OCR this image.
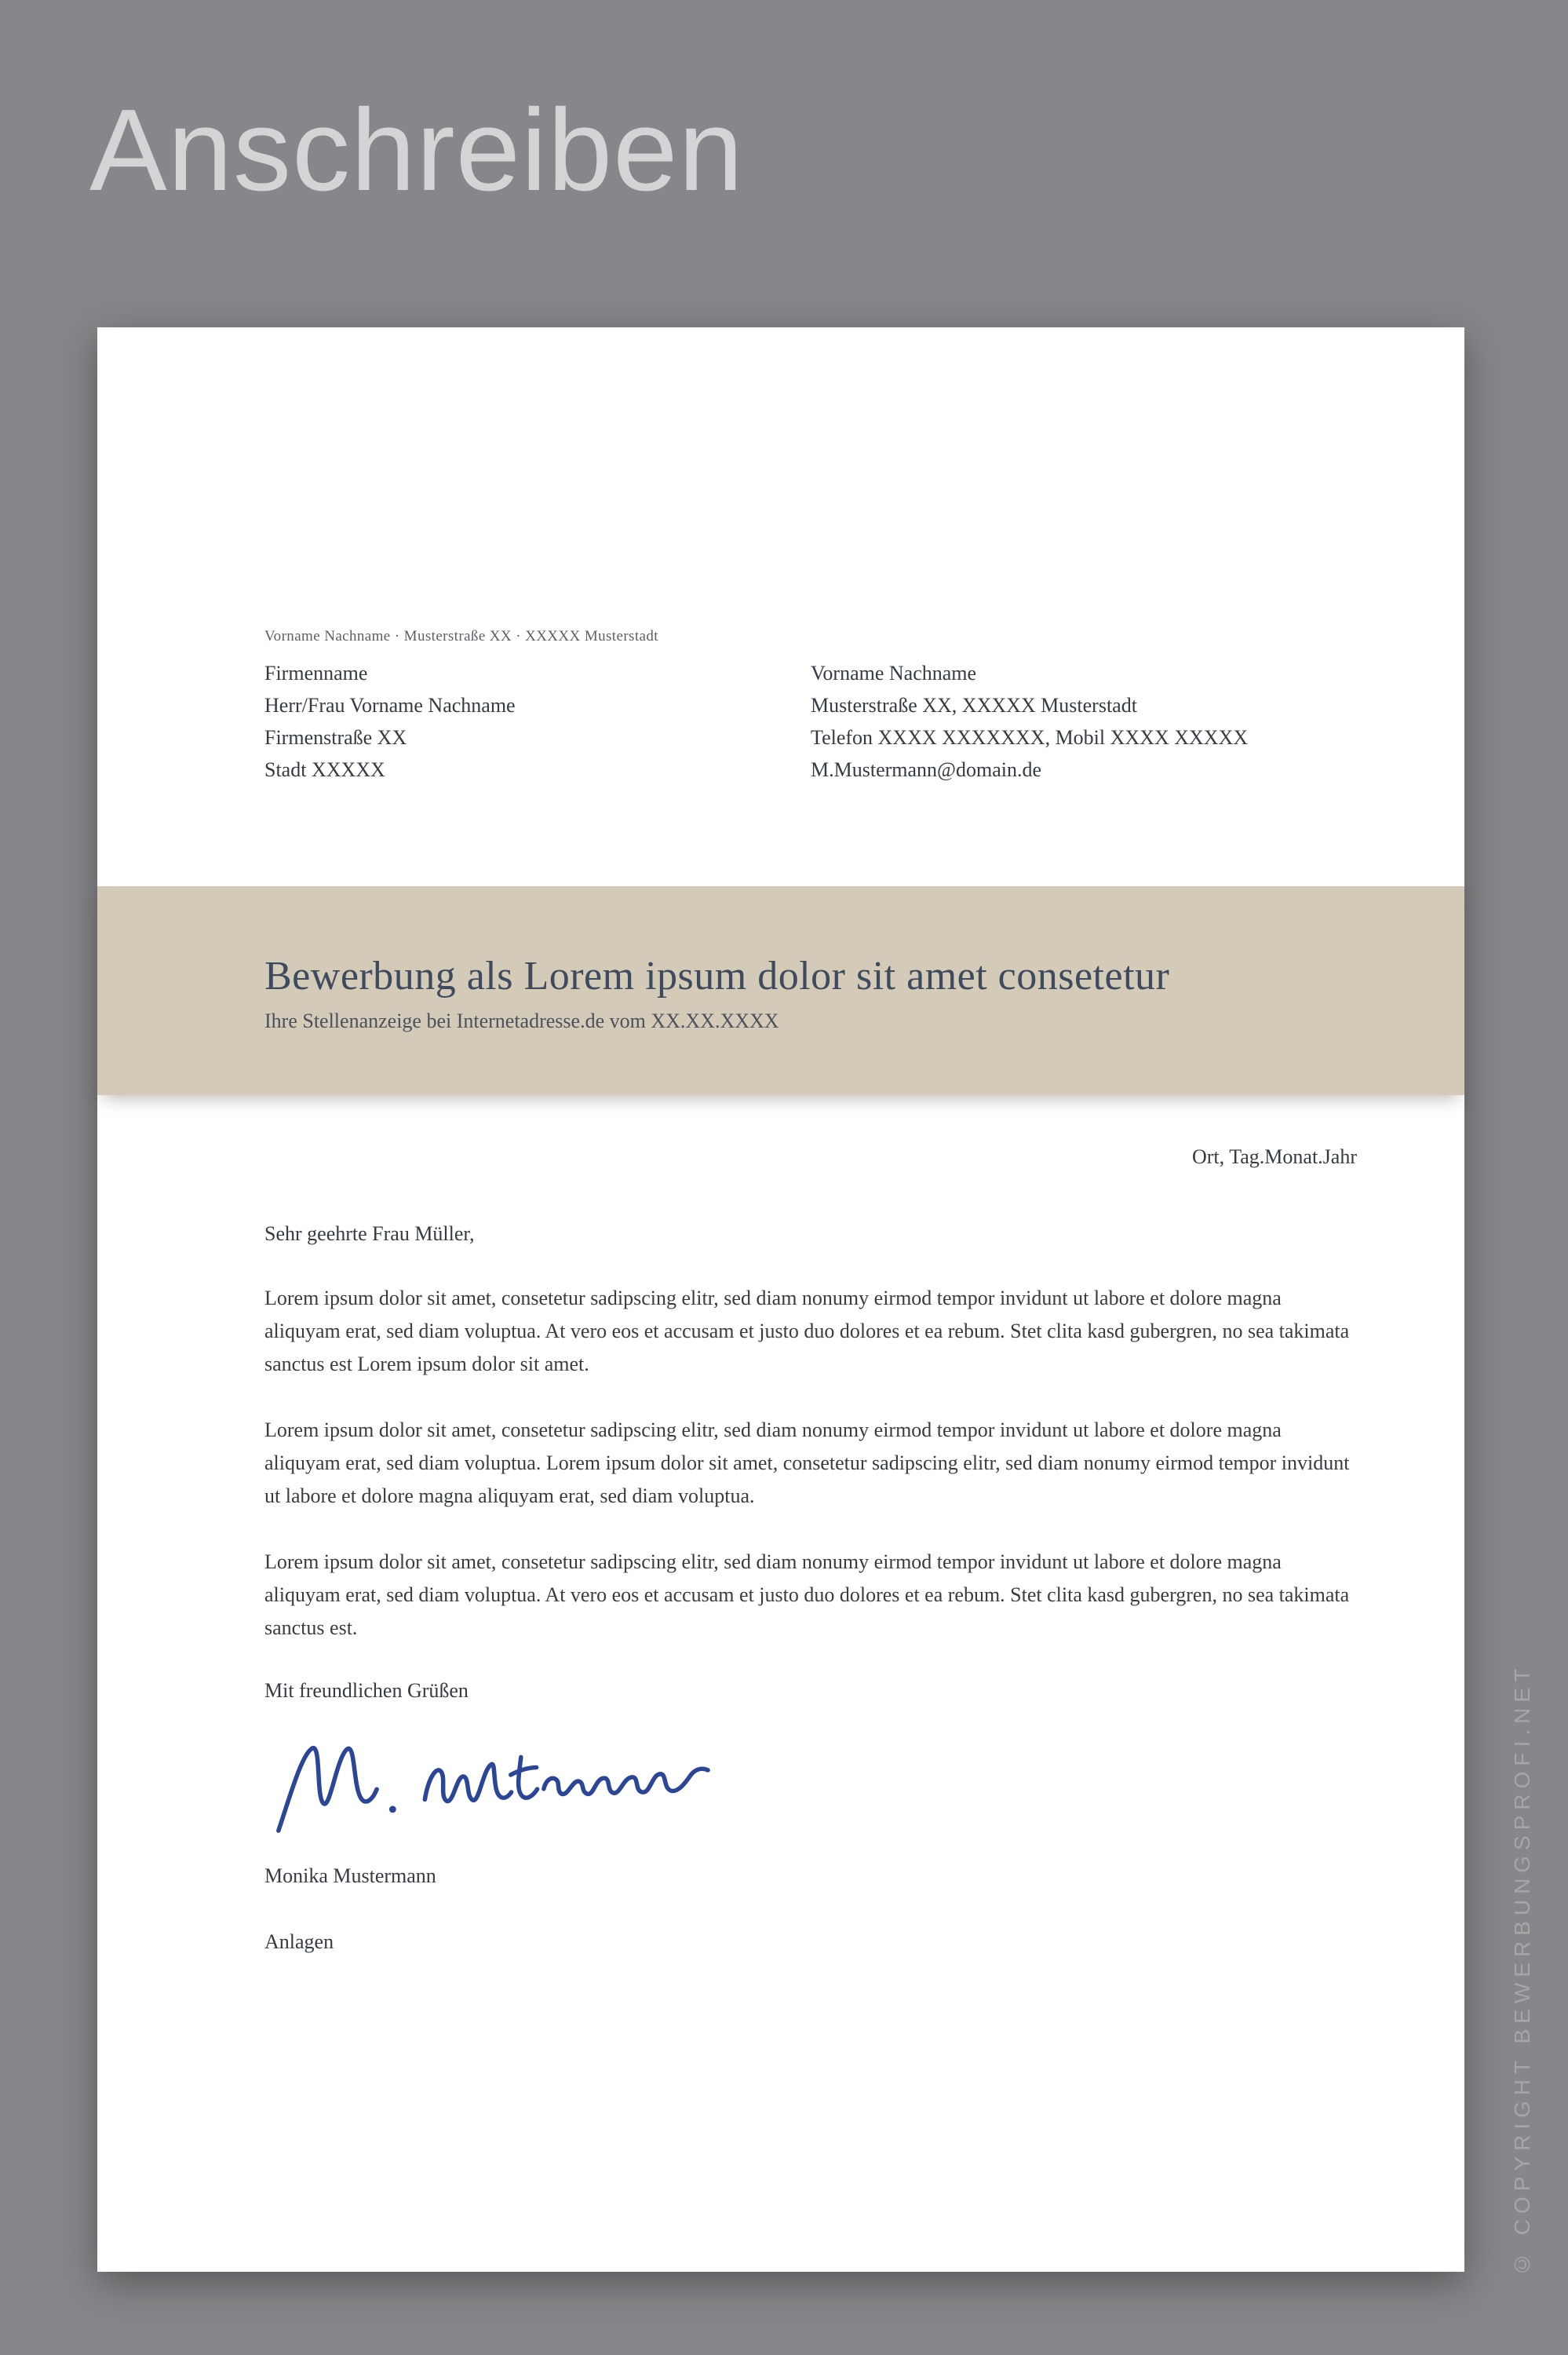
Anschreiben
Vorname Nachname · Musterstraße XX · XXXXX Musterstadt
Firmenname
Herr/Frau Vorname Nachname
Firmenstraße XX
Stadt XXXXX
Vorname Nachname
Musterstraße XX, XXXXX Musterstadt
Telefon XXXX XXXXXXX, Mobil XXXX XXXXX
M.Mustermann@domain.de
Bewerbung als Lorem ipsum dolor sit amet consetetur
Ihre Stellenanzeige bei Internetadresse.de vom XX.XX.XXXX
Ort, Tag.Monat.Jahr
Sehr geehrte Frau Müller,
Lorem ipsum dolor sit amet, consetetur sadipscing elitr, sed diam nonumy eirmod tempor invidunt ut labore et dolore magna aliquyam erat, sed diam voluptua. At vero eos et accusam et justo duo dolores et ea rebum. Stet clita kasd gubergren, no sea takimata sanctus est Lorem ipsum dolor sit amet.
Lorem ipsum dolor sit amet, consetetur sadipscing elitr, sed diam nonumy eirmod tempor invidunt ut labore et dolore magna aliquyam erat, sed diam voluptua. Lorem ipsum dolor sit amet, consetetur sadipscing elitr, sed diam nonumy eirmod tempor invidunt ut labore et dolore magna aliquyam erat, sed diam voluptua.
Lorem ipsum dolor sit amet, consetetur sadipscing elitr, sed diam nonumy eirmod tempor invidunt ut labore et dolore magna aliquyam erat, sed diam voluptua. At vero eos et accusam et justo duo dolores et ea rebum. Stet clita kasd gubergren, no sea takimata sanctus est.
Mit freundlichen Grüßen
Monika Mustermann
Anlagen	© COPYRIGHT BEWERBUNGSPROFI.NET
